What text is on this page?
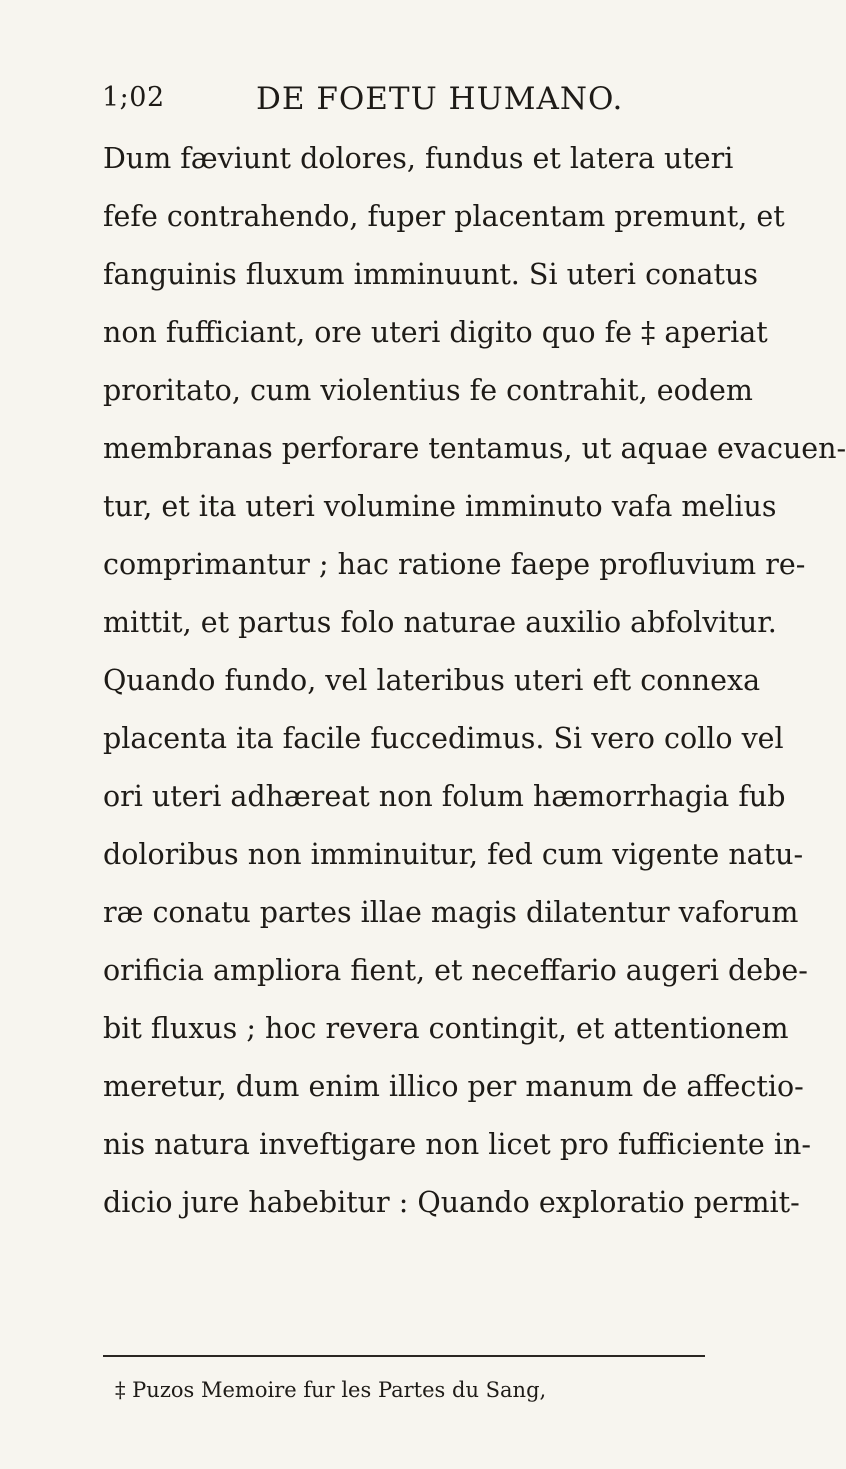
1;02	DE FOETU HUMANO.
Dum fæviunt dolores, fundus et latera uteri
fefe contrahendo, fuper placentam premunt, et
fanguinis fluxum imminuunt. Si uteri conatus
non fufficiant, ore uteri digito quo fe ‡ aperiat
proritato, cum violentius fe contrahit, eodem
membranas perforare tentamus, ut aquae evacuen-
tur, et ita uteri volumine imminuto vafa melius
comprimantur ; hac ratione faepe profluvium re-
mittit, et partus folo naturae auxilio abfolvitur.
Quando fundo, vel lateribus uteri eft connexa
placenta ita facile fuccedimus. Si vero collo vel
ori uteri adhæreat non folum hæmorrhagia fub
doloribus non imminuitur, fed cum vigente natu-
ræ conatu partes illae magis dilatentur vaforum
orificia ampliora fient, et neceffario augeri debe-
bit fluxus ; hoc revera contingit, et attentionem
meretur, dum enim illico per manum de affectio-
nis natura inveftigare non licet pro fufficiente in-
dicio jure habebitur : Quando exploratio permit-
‡ Puzos Memoire fur les Partes du Sang,
